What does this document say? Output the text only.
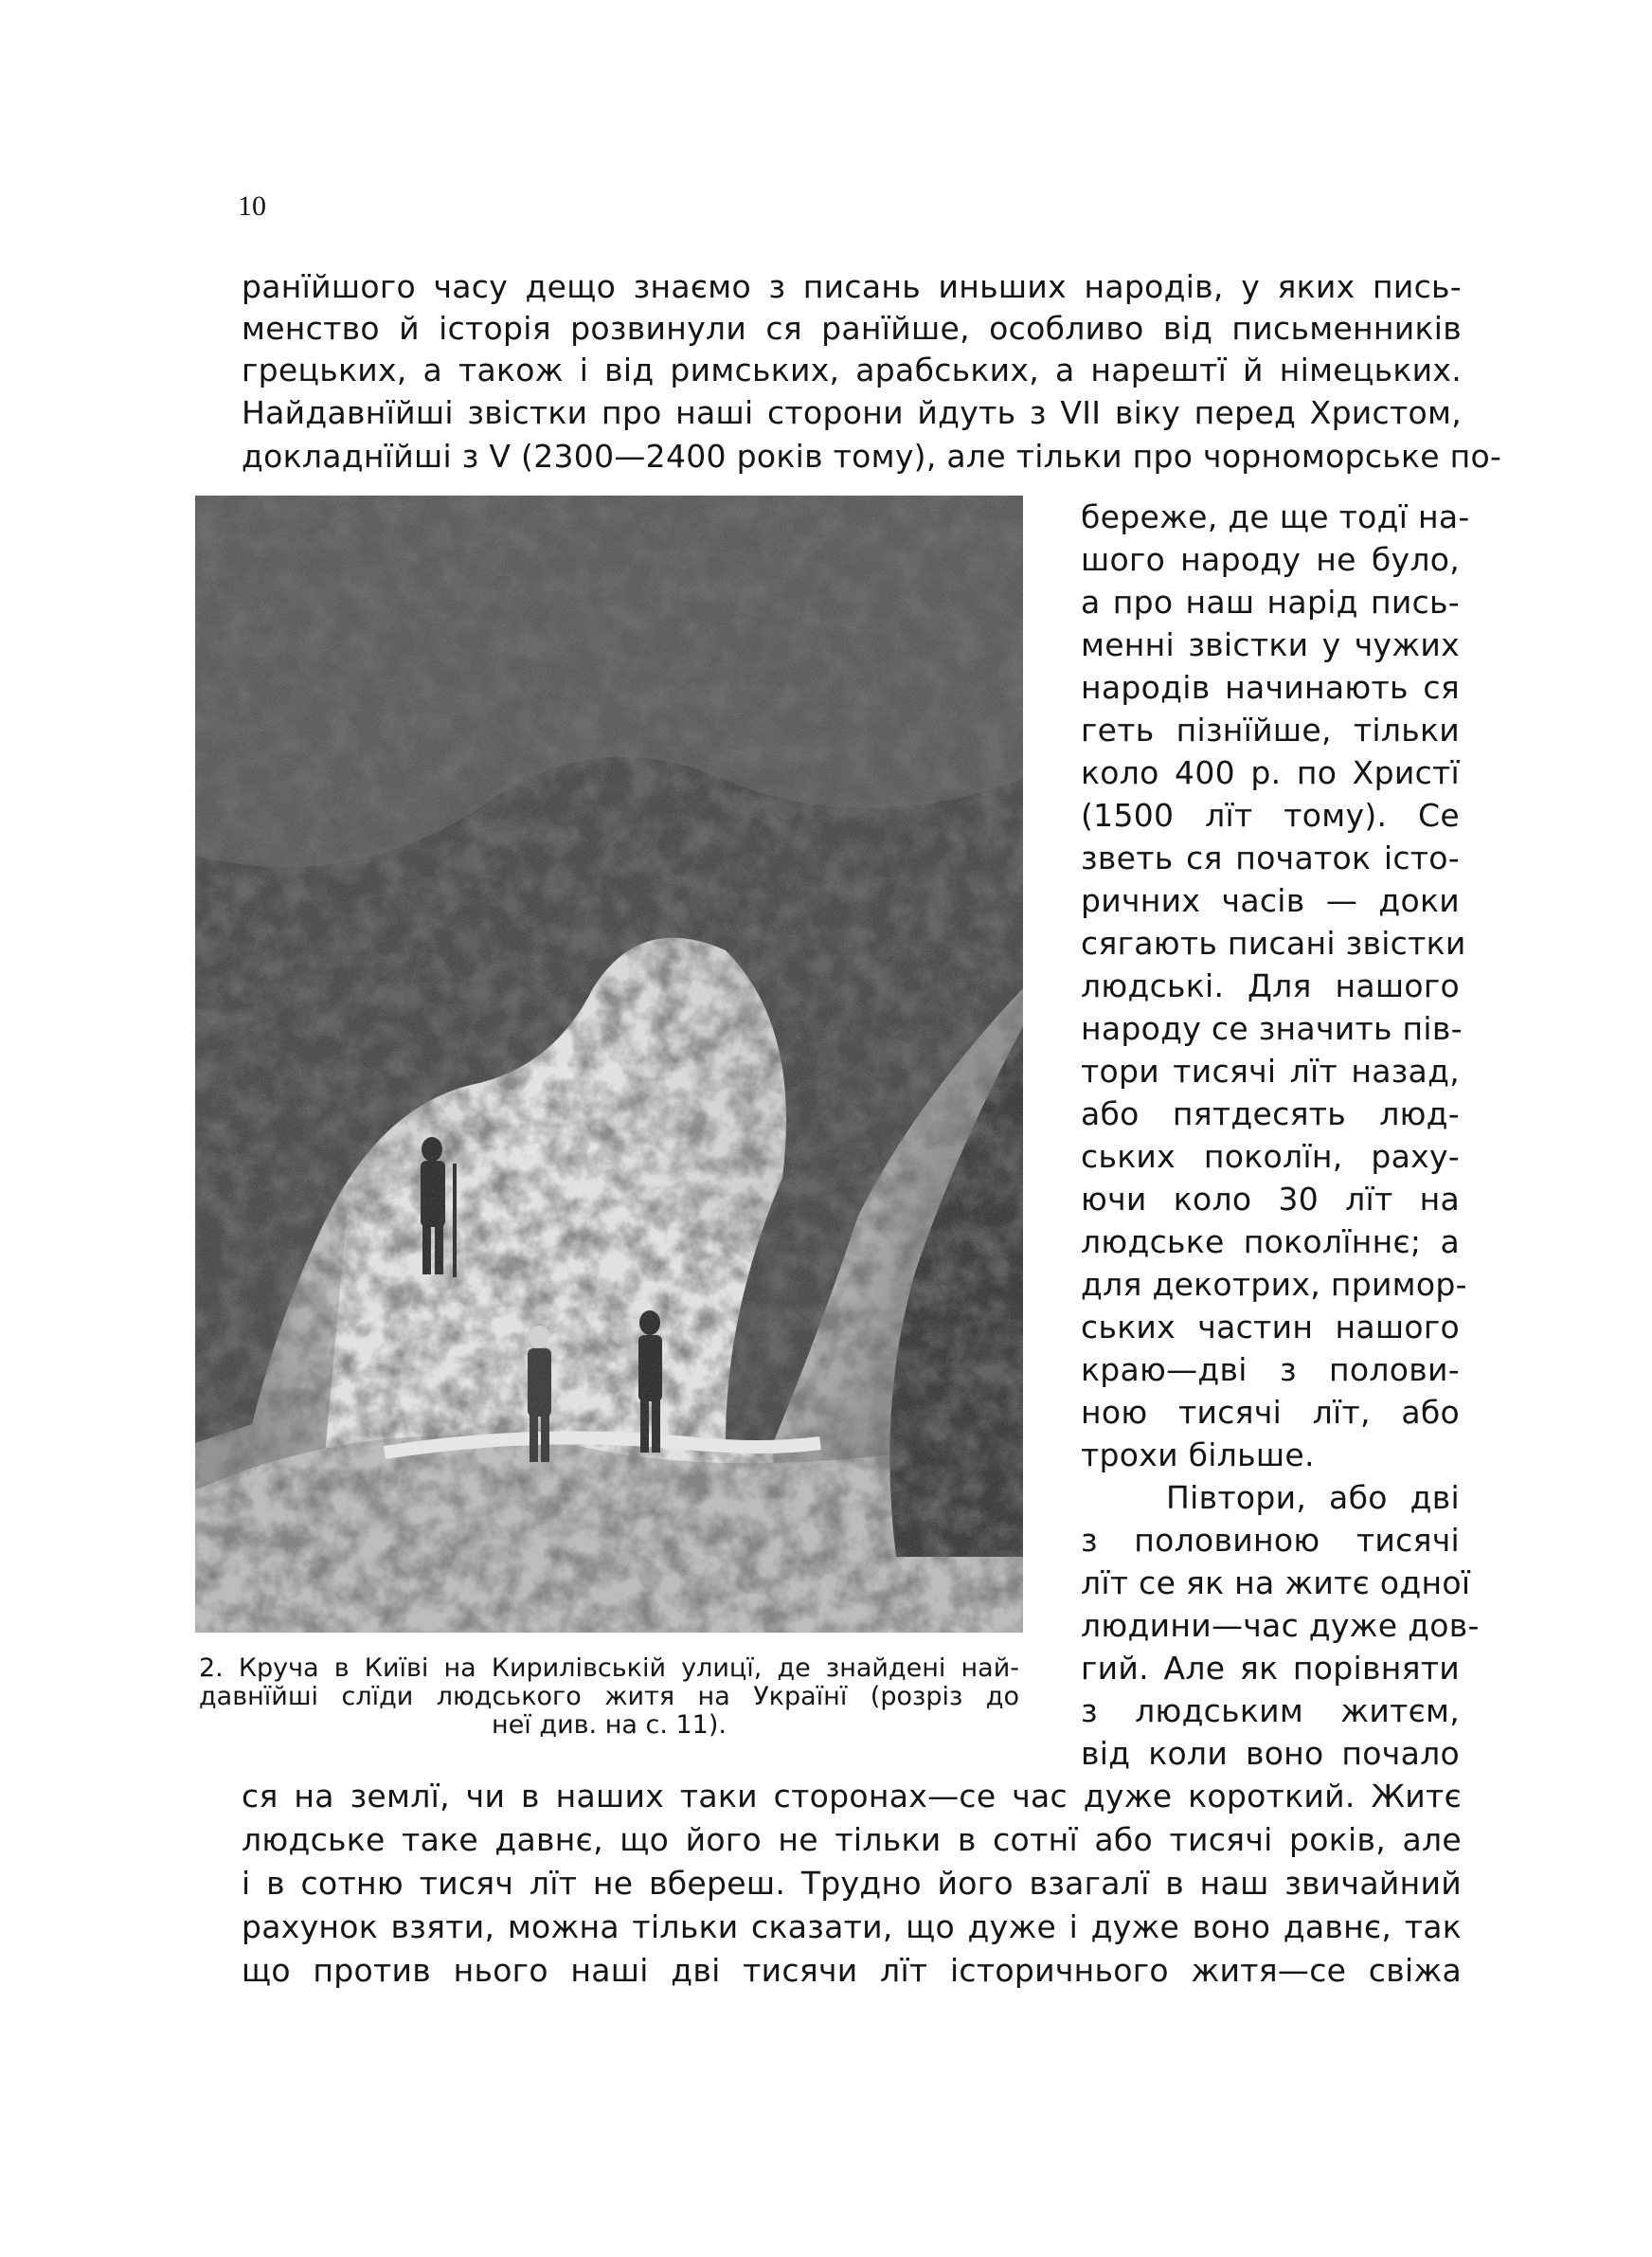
10
ранїйшого часу дещо знаємо з писань иньших народів, у яких пись-
менство й історія розвинули ся ранїйше, особливо від письменників
грецьких, а також і від римських, арабських, а нарештї й німецьких.
Найдавнїйші звістки про наші сторони йдуть з VII віку перед Христом,
докладнїйші з V (2300—2400 років тому), але тільки про чорноморське по-
бережe, де ще тодї на-
шого народу не було,
а про наш нарід пись-
менні звістки у чужих
народів начинають ся
геть пізнїйше, тільки
коло 400 р. по Христї
(1500 лїт тому). Се
зветь ся початок істо-
ричних часів — доки
сягають писані звістки
людські. Для нашого
народу се значить пів-
тори тисячі лїт назад,
або пятдесять люд-
ських поколїн, раху-
ючи коло 30 лїт на
людське поколїннє; а
для декотрих, примор-
ських частин нашого
краю—дві з полови-
ною тисячі лїт, або
трохи більше.
Півтори, або дві
з половиною тисячі
лїт се як на житє одної
людини—час дуже дов-
гий. Але як порівняти
з людським житєм,
від коли воно почало
2. Круча в Київі на Кирилівській улицї, де знайдені най-
давнїйші слїди людського житя на Українї (розріз до
неї див. на с. 11).
ся на землї, чи в наших таки сторонах—се час дуже короткий. Житє
людське таке давнє, що його не тільки в сотнї або тисячі років, але
і в сотню тисяч лїт не вбереш. Трудно його взагалї в наш звичайний
рахунок взяти, можна тільки сказати, що дуже і дуже воно давнє, так
що против нього наші дві тисячи лїт історичнього житя—се свіжа
